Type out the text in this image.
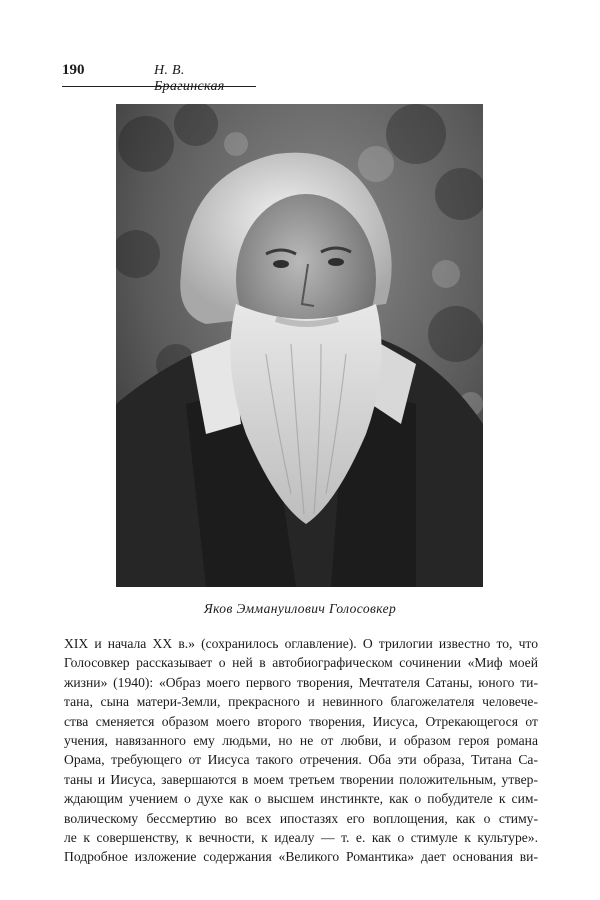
190	Н. В. Брагинская
Яков Эммануилович Голосовкер
XIX и начала XX в.» (сохранилось оглавление). О трилогии известно то, что
Голосовкер рассказывает о ней в автобиографическом сочинении «Миф моей
жизни» (1940): «Образ моего первого творения, Мечтателя Сатаны, юного ти-
тана, сына матери-Земли, прекрасного и невинного благожелателя человече-
ства сменяется образом моего второго творения, Иисуса, Отрекающегося от
учения, навязанного ему людьми, но не от любви, и образом героя романа
Орама, требующего от Иисуса такого отречения. Оба эти образа, Титана Са-
таны и Иисуса, завершаются в моем третьем творении положительным, утвер-
ждающим учением о духе как о высшем инстинкте, как о побудителе к сим-
волическому бессмертию во всех ипостазях его воплощения, как о стиму-
ле к совершенству, к вечности, к идеалу — т. е. как о стимуле к культуре».
Подробное изложение содержания «Великого Романтика» дает основания ви-
